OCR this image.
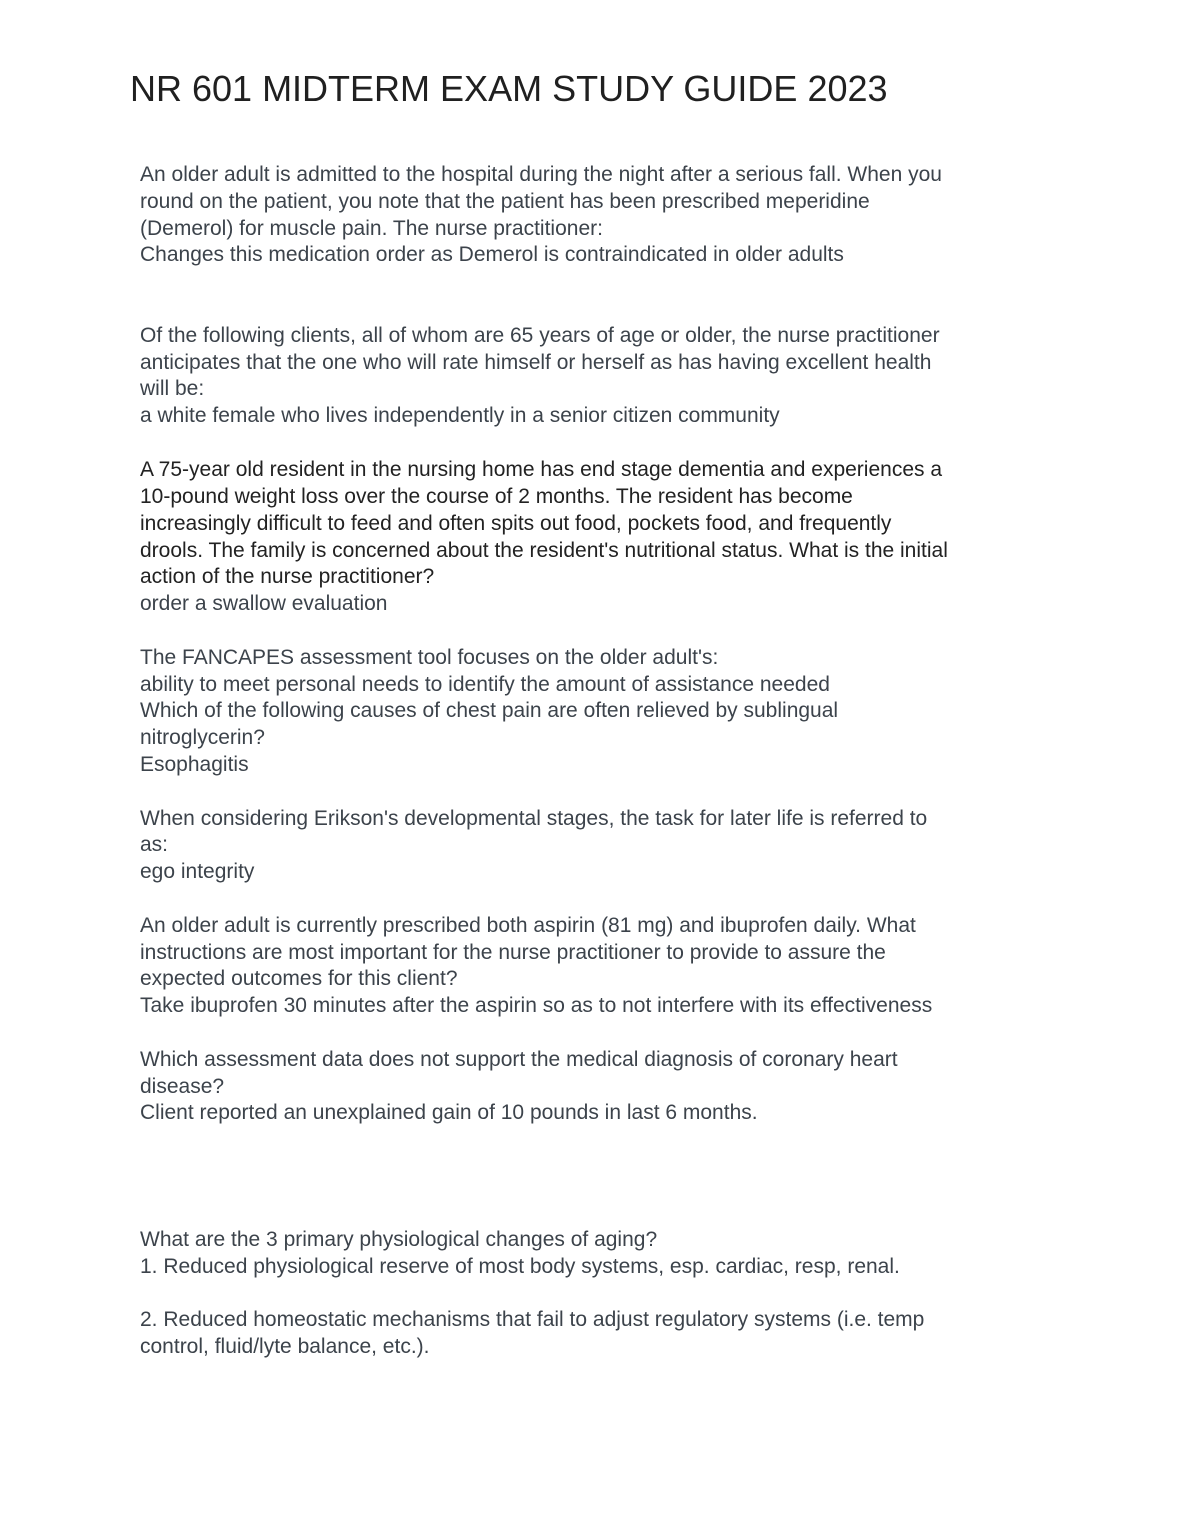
NR 601 MIDTERM EXAM STUDY GUIDE 2023
An older adult is admitted to the hospital during the night after a serious fall. When you
round on the patient, you note that the patient has been prescribed meperidine
(Demerol) for muscle pain. The nurse practitioner:
Changes this medication order as Demerol is contraindicated in older adults
Of the following clients, all of whom are 65 years of age or older, the nurse practitioner
anticipates that the one who will rate himself or herself as has having excellent health
will be:
a white female who lives independently in a senior citizen community
A 75-year old resident in the nursing home has end stage dementia and experiences a
10-pound weight loss over the course of 2 months. The resident has become
increasingly difficult to feed and often spits out food, pockets food, and frequently
drools. The family is concerned about the resident's nutritional status. What is the initial
action of the nurse practitioner?
order a swallow evaluation
The FANCAPES assessment tool focuses on the older adult's:
ability to meet personal needs to identify the amount of assistance needed
Which of the following causes of chest pain are often relieved by sublingual
nitroglycerin?
Esophagitis
When considering Erikson's developmental stages, the task for later life is referred to
as:
ego integrity
An older adult is currently prescribed both aspirin (81 mg) and ibuprofen daily. What
instructions are most important for the nurse practitioner to provide to assure the
expected outcomes for this client?
Take ibuprofen 30 minutes after the aspirin so as to not interfere with its effectiveness
Which assessment data does not support the medical diagnosis of coronary heart
disease?
Client reported an unexplained gain of 10 pounds in last 6 months.
What are the 3 primary physiological changes of aging?
1. Reduced physiological reserve of most body systems, esp. cardiac, resp, renal.
2. Reduced homeostatic mechanisms that fail to adjust regulatory systems (i.e. temp
control, fluid/lyte balance, etc.).
